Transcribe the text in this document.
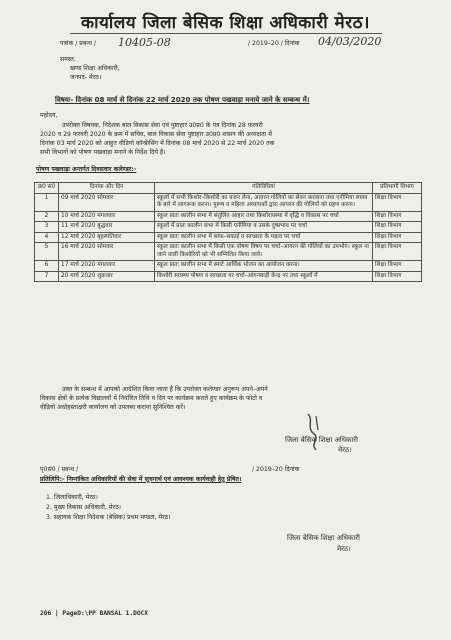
कार्यालय जिला बेसिक शिक्षा अधिकारी मेरठ।
पत्रांक / प्रबन्ध / 10405-08	/ 2019–20 / दिनांक 04/03/2020
समस्त,
खण्ड शिक्षा अधिकारी,
जनपद- मेरठ।
विषयः- दिनांक 08 मार्च से दिनांक 22 मार्च 2020 तक पोषण पखवाड़ा मनाये जाने के सम्बन्ध में।
महोदय,
उपरोक्त विषयक, निदेशक बाल विकास सेवा एवं पुष्टाहार उ0प्र0 के पत्र दिनांक 28 फरवरी
2020 व 29 फरवरी 2020 के क्रम में सचिव, बाल विकास सेवा पुष्टाहार उ0प्र0 शासन की अध्यक्षता में
दिनांक 03 मार्च 2020 को आहूत वीडियो कॉन्फ्रेंसिंग में दिनांक 08 मार्च 2020 से 22 मार्च 2020 तक
सभी विभागों को पोषण पखवाड़ा मनाने के निर्देश दिये है।
पोषण पखवाड़ा अन्तर्गत दिवसवार कलेण्डर:-
क्र0 सं0	दिनांक और दिन	गतिविधियां	प्रतिभागी विभाग
1	09 मार्च 2020 सोमवार	स्कूलों में सभी किशोर–किशोरी का वजन लेना, आयरन गोलियों का सेवन करवाना तथा एनीमिया बचाव के बारे में जागरूक करना। पुरूष व महिला अध्यापकों द्वारा आयरन की गोलियों को ग्रहण करना।	शिक्षा विभाग
2	10 मार्च 2020 मंगलवार	स्कूल प्रातः कालीन सभा में संतुलित आहार तथा किशोरावस्था में वृद्धि व विकास पर चर्चा	शिक्षा विभाग
3	11 मार्च 2020 बुद्धवार	स्कूलों में प्रातः कालीन सभा में किसी एनीमिया व उसके दुष्प्रभाव पर चर्चा	शिक्षा विभाग
4	12 मार्च 2020 बृहस्पतिवार	स्कूल प्रातः कालीन सभा में साफ–सफाई व स्वच्छता के महत्व पर चर्चा	शिक्षा विभाग
5	16 मार्च 2020 सोमवार	स्कूल प्रातः कालीन सभा में किसी एक पोषण विषय पर चर्चा–आयरन की गोलियों का उपभोग। स्कूल ना जाने वाली किशोरियों को भी सम्मिलित किया जाये।	शिक्षा विभाग
6	17 मार्च 2020 मंगलवार	स्कूल प्रातः कालीन सभा में स्मार्ट आर्थिक भोजन का आयोजन करना।	शिक्षा विभाग
7	20 मार्च 2020 शुक्रवार	किशोरी स्वास्थ्य पोषण व स्वच्छता पर चर्चा–आंगनबाड़ी केन्द्र पर तथा स्कूलों में	शिक्षा विभाग
उक्त के सम्बन्ध में आपको आदेशित किया जाता है कि उपरोक्त कलेण्डर अनुरूप अपने–अपने
विकास क्षेत्रों के प्रत्येक विद्यालयों में निर्धारित तिथि व दिन पर कार्यक्रम कराते हुए कार्यक्रम के फोटो व
वीडियो अधोहस्ताक्षरी कार्यालय को उपलब्ध कराना सुनिश्चित करें।
जिला बेसिक शिक्षा अधिकारी
मेरठ।
पृ0सं0 / प्रबन्ध /	/ 2019–20 दिनांक
प्रतिलिपि:- निम्नांकित अधिकारियों की सेवा में सूचनार्थ एवं आवश्यक कार्यवाही हेतु प्रेषित।
1. जिलाधिकारी, मेरठ।
2. मुख्य विकास अधिकारी, मेरठ।
3. सहायक शिक्षा निदेशक (बेसिक) प्रथम मण्डल, मेरठ।
जिला बेसिक शिक्षा अधिकारी
मेरठ।
206 | PageD:\PP BANSAL 1.DOCX
